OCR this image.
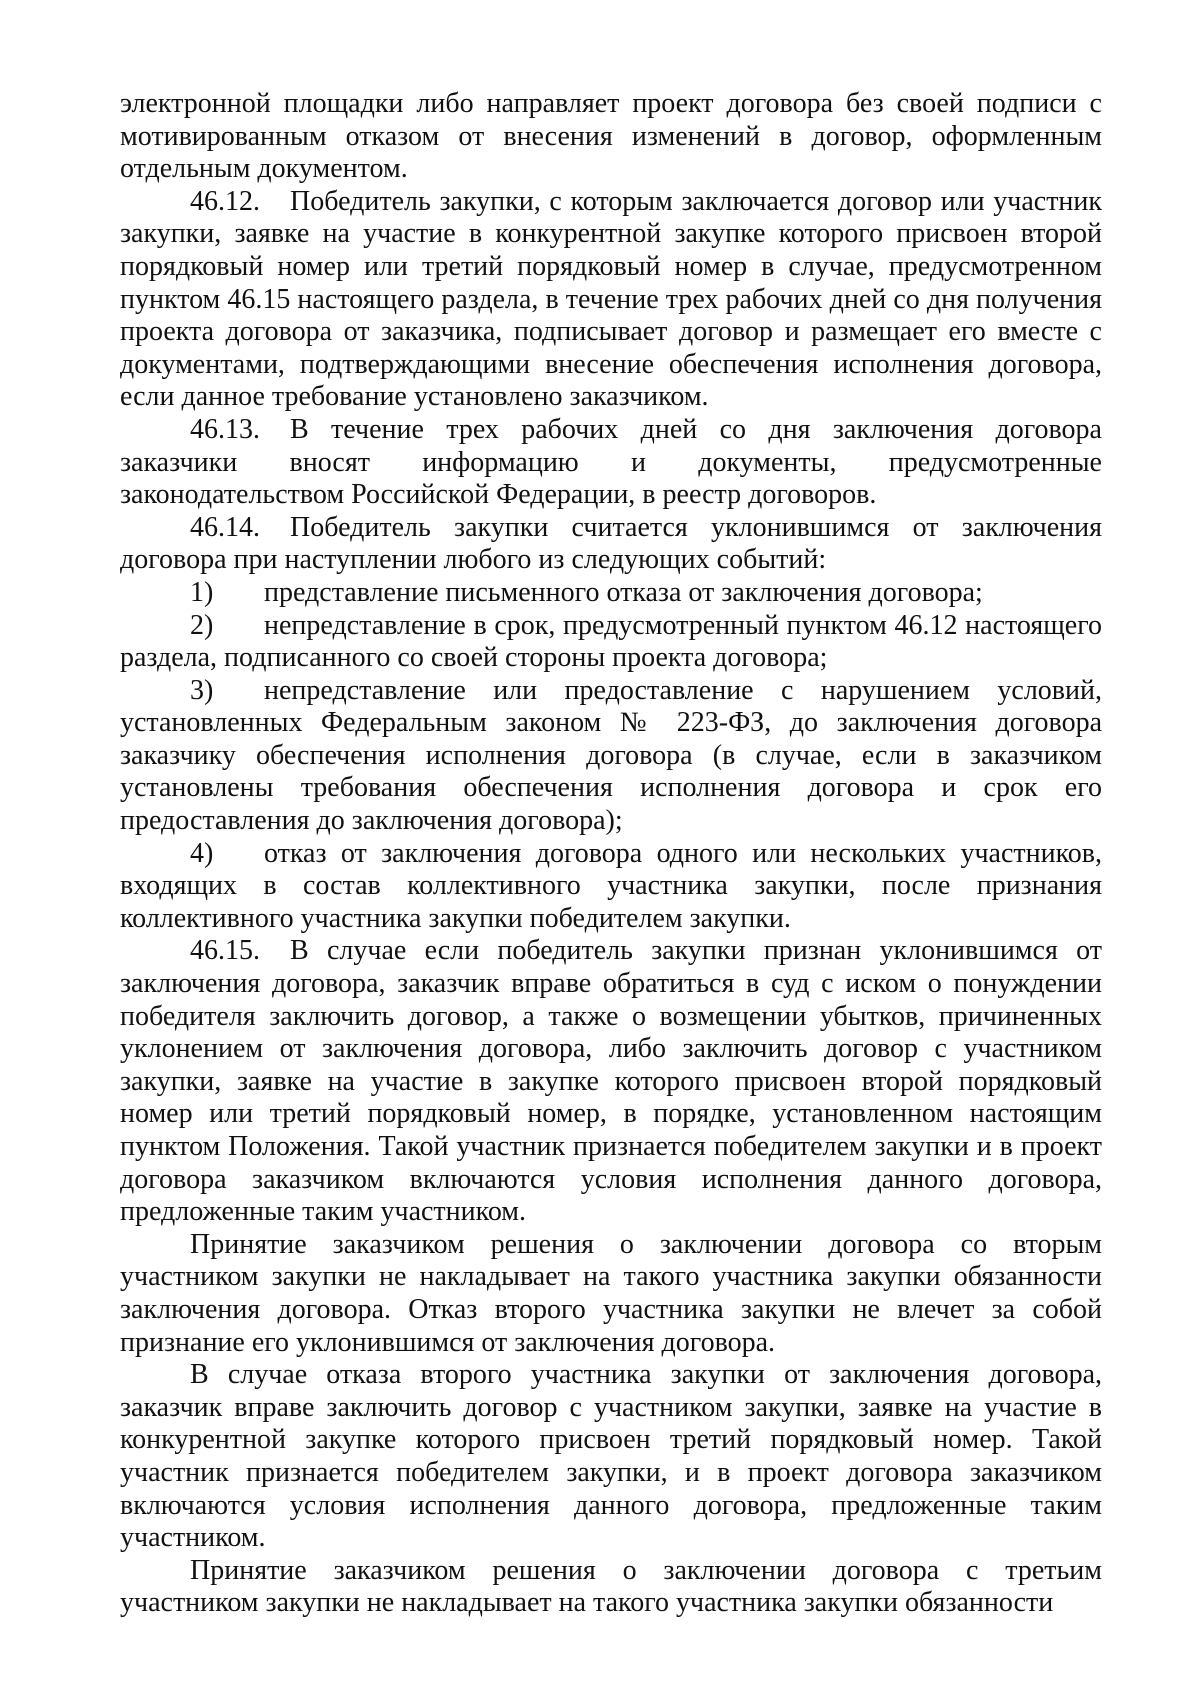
электронной площадки либо направляет проект договора без своей подписи с мотивированным отказом от внесения изменений в договор, оформленным отдельным документом.

46.12. Победитель закупки, с которым заключается договор или участник закупки, заявке на участие в конкурентной закупке которого присвоен второй порядковый номер или третий порядковый номер в случае, предусмотренном пунктом 46.15 настоящего раздела, в течение трех рабочих дней со дня получения проекта договора от заказчика, подписывает договор и размещает его вместе с документами, подтверждающими внесение обеспечения исполнения договора, если данное требование установлено заказчиком.

46.13. В течение трех рабочих дней со дня заключения договора заказчики вносят информацию и документы, предусмотренные законодательством Российской Федерации, в реестр договоров.

46.14. Победитель закупки считается уклонившимся от заключения договора при наступлении любого из следующих событий:

1) представление письменного отказа от заключения договора;

2) непредставление в срок, предусмотренный пунктом 46.12 настоящего раздела, подписанного со своей стороны проекта договора;

3) непредставление или предоставление с нарушением условий, установленных Федеральным законом № 223-ФЗ, до заключения договора заказчику обеспечения исполнения договора (в случае, если в заказчиком установлены требования обеспечения исполнения договора и срок его предоставления до заключения договора);

4) отказ от заключения договора одного или нескольких участников, входящих в состав коллективного участника закупки, после признания коллективного участника закупки победителем закупки.

46.15. В случае если победитель закупки признан уклонившимся от заключения договора, заказчик вправе обратиться в суд с иском о понуждении победителя заключить договор, а также о возмещении убытков, причиненных уклонением от заключения договора, либо заключить договор с участником закупки, заявке на участие в закупке которого присвоен второй порядковый номер или третий порядковый номер, в порядке, установленном настоящим пунктом Положения. Такой участник признается победителем закупки и в проект договора заказчиком включаются условия исполнения данного договора, предложенные таким участником.

Принятие заказчиком решения о заключении договора со вторым участником закупки не накладывает на такого участника закупки обязанности заключения договора. Отказ второго участника закупки не влечет за собой признание его уклонившимся от заключения договора.

В случае отказа второго участника закупки от заключения договора, заказчик вправе заключить договор с участником закупки, заявке на участие в конкурентной закупке которого присвоен третий порядковый номер. Такой участник признается победителем закупки, и в проект договора заказчиком включаются условия исполнения данного договора, предложенные таким участником.

Принятие заказчиком решения о заключении договора с третьим участником закупки не накладывает на такого участника закупки обязанности
